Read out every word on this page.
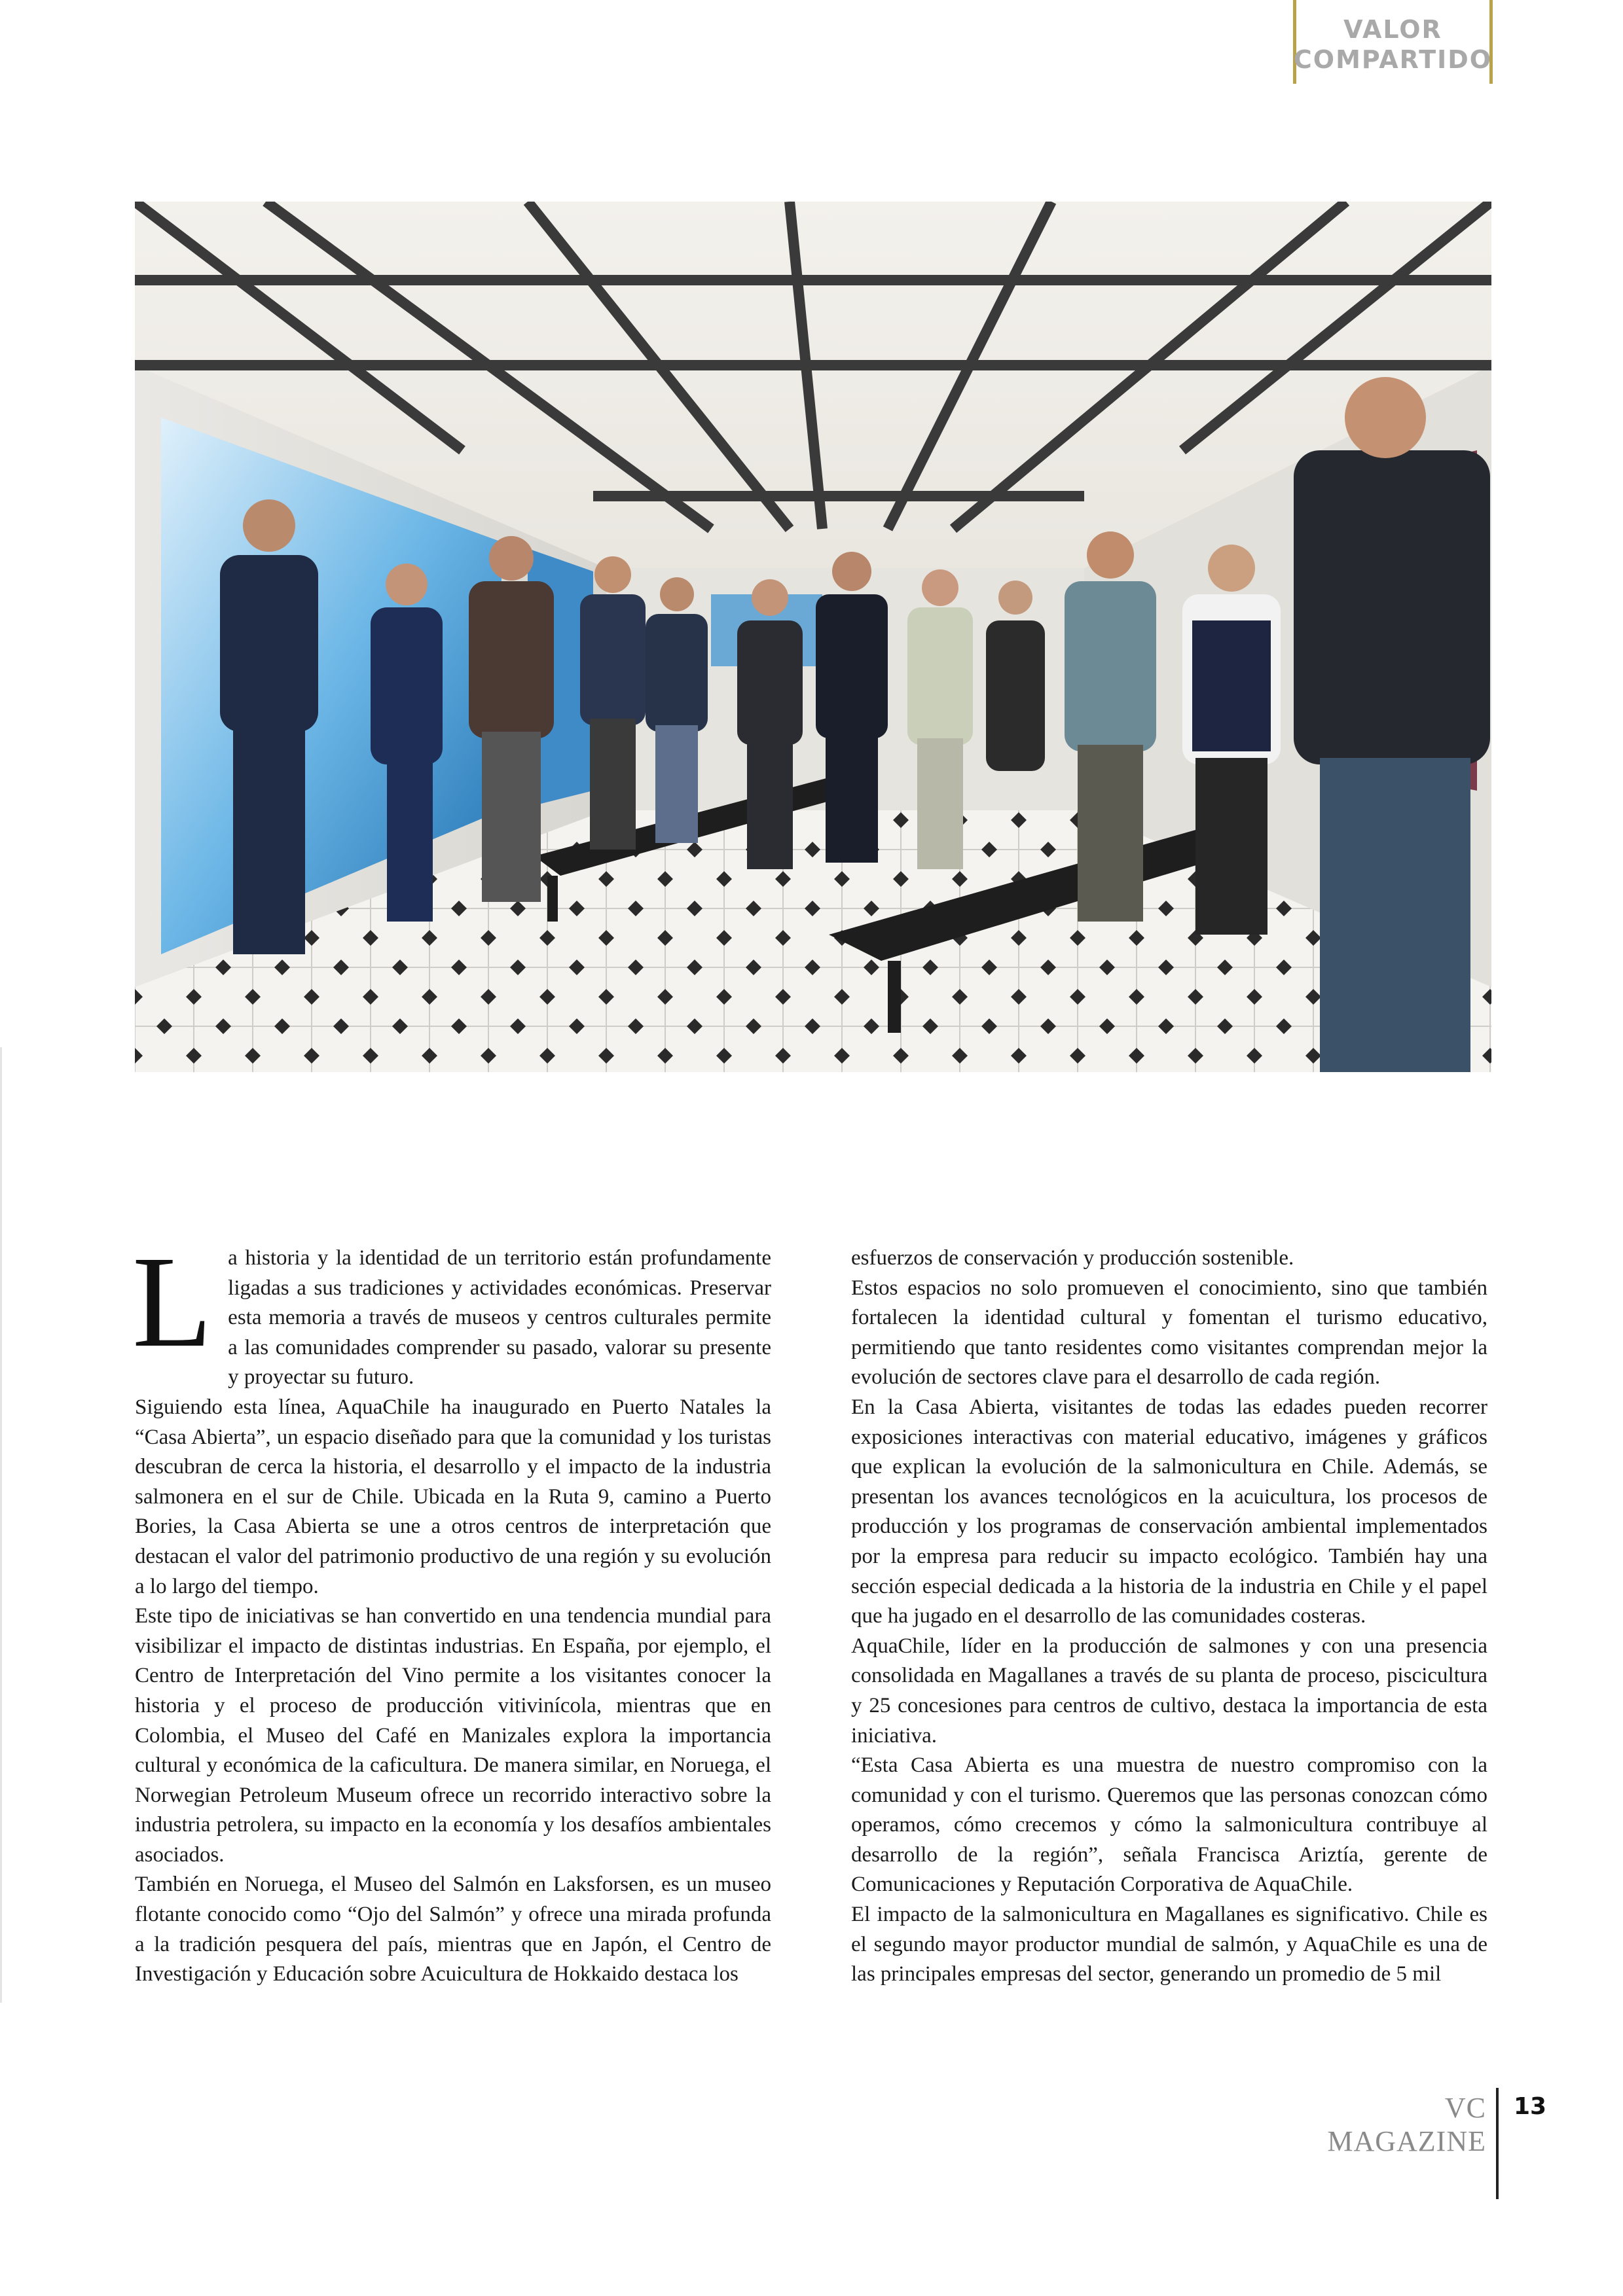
VALOR
COMPARTIDO

La historia y la identidad de un territorio están profundamente ligadas a sus tradiciones y actividades económicas. Preservar esta memoria a través de museos y centros culturales permite a las comunidades comprender su pasado, valorar su presente y proyectar su futuro.

Siguiendo esta línea, AquaChile ha inaugurado en Puerto Natales la “Casa Abierta”, un espacio diseñado para que la comunidad y los turistas descubran de cerca la historia, el desarrollo y el impacto de la industria salmonera en el sur de Chile. Ubicada en la Ruta 9, camino a Puerto Bories, la Casa Abierta se une a otros centros de interpretación que destacan el valor del patrimonio productivo de una región y su evolución a lo largo del tiempo.

Este tipo de iniciativas se han convertido en una tendencia mundial para visibilizar el impacto de distintas industrias. En España, por ejemplo, el Centro de Interpretación del Vino permite a los visitantes conocer la historia y el proceso de producción vitivinícola, mientras que en Colombia, el Museo del Café en Manizales explora la importancia cultural y económica de la caficultura. De manera similar, en Noruega, el Norwegian Petroleum Museum ofrece un recorrido interactivo sobre la industria petrolera, su impacto en la economía y los desafíos ambientales asociados.

También en Noruega, el Museo del Salmón en Laksforsen, es un museo flotante conocido como “Ojo del Salmón” y ofrece una mirada profunda a la tradición pesquera del país, mientras que en Japón, el Centro de Investigación y Educación sobre Acuicultura de Hokkaido destaca los

esfuerzos de conservación y producción sostenible.

Estos espacios no solo promueven el conocimiento, sino que también fortalecen la identidad cultural y fomentan el turismo educativo, permitiendo que tanto residentes como visitantes comprendan mejor la evolución de sectores clave para el desarrollo de cada región.

En la Casa Abierta, visitantes de todas las edades pueden recorrer exposiciones interactivas con material educativo, imágenes y gráficos que explican la evolución de la salmonicultura en Chile. Además, se presentan los avances tecnológicos en la acuicultura, los procesos de producción y los programas de conservación ambiental implementados por la empresa para reducir su impacto ecológico. También hay una sección especial dedicada a la historia de la industria en Chile y el papel que ha jugado en el desarrollo de las comunidades costeras.

AquaChile, líder en la producción de salmones y con una presencia consolidada en Magallanes a través de su planta de proceso, piscicultura y 25 concesiones para centros de cultivo, destaca la importancia de esta iniciativa.

“Esta Casa Abierta es una muestra de nuestro compromiso con la comunidad y con el turismo. Queremos que las personas conozcan cómo operamos, cómo crecemos y cómo la salmonicultura contribuye al desarrollo de la región”, señala Francisca Ariztía, gerente de Comunicaciones y Reputación Corporativa de AquaChile.

El impacto de la salmonicultura en Magallanes es significativo. Chile es el segundo mayor productor mundial de salmón, y AquaChile es una de las principales empresas del sector, generando un promedio de 5 mil

VC MAGAZINE
13
